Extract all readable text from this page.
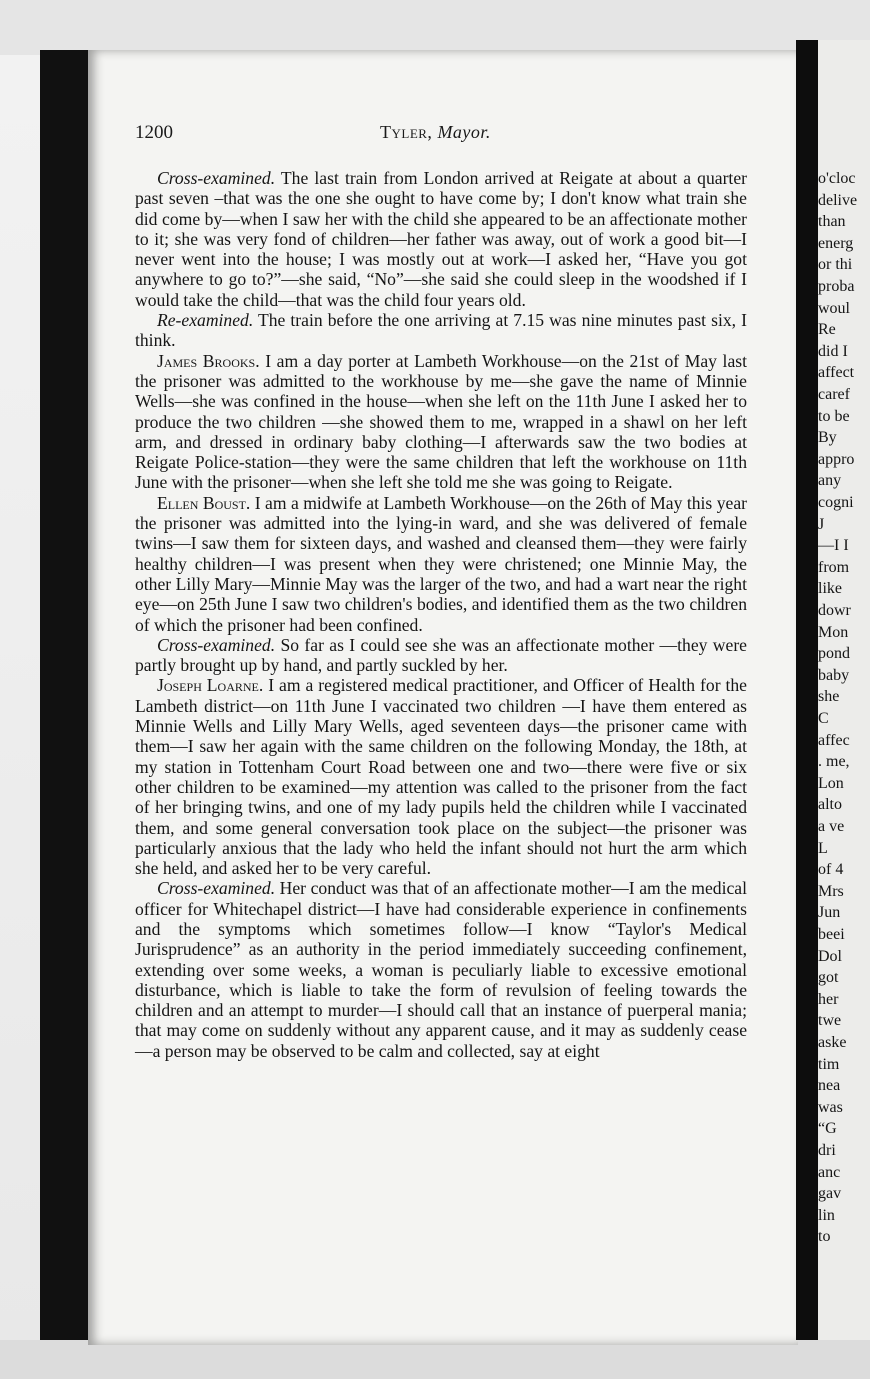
o'cloc
delive
than
energ
or thi
proba
woul
Re
did I
affect
caref
to be
By
appro
any
cogni
J
—I I
from
like
dowr
Mon
pond
baby
she
C
affec
. me,
Lon
alto
a ve
L
of 4
Mrs
Jun
beei
Dol
got
her
twe
aske
tim
nea
was
“G
dri
anc
gav
lin
to
1200	Tyler, Mayor.

Cross-examined. The last train from London arrived at Reigate at about a quarter past seven –that was the one she ought to have come by; I don't know what train she did come by—when I saw her with the child she appeared to be an affectionate mother to it; she was very fond of children—her father was away, out of work a good bit—I never went into the house; I was mostly out at work—I asked her, “Have you got anywhere to go to?”—she said, “No”—she said she could sleep in the woodshed if I would take the child—that was the child four years old.

Re-examined. The train before the one arriving at 7.15 was nine minutes past six, I think.

James Brooks. I am a day porter at Lambeth Workhouse—on the 21st of May last the prisoner was admitted to the workhouse by me—she gave the name of Minnie Wells—she was confined in the house—when she left on the 11th June I asked her to produce the two children —she showed them to me, wrapped in a shawl on her left arm, and dressed in ordinary baby clothing—I afterwards saw the two bodies at Reigate Police-station—they were the same children that left the workhouse on 11th June with the prisoner—when she left she told me she was going to Reigate.

Ellen Boust. I am a midwife at Lambeth Workhouse—on the 26th of May this year the prisoner was admitted into the lying-in ward, and she was delivered of female twins—I saw them for sixteen days, and washed and cleansed them—they were fairly healthy children—I was present when they were christened; one Minnie May, the other Lilly Mary—Minnie May was the larger of the two, and had a wart near the right eye—on 25th June I saw two children's bodies, and identified them as the two children of which the prisoner had been confined.

Cross-examined. So far as I could see she was an affectionate mother —they were partly brought up by hand, and partly suckled by her.

Joseph Loarne. I am a registered medical practitioner, and Officer of Health for the Lambeth district—on 11th June I vaccinated two children —I have them entered as Minnie Wells and Lilly Mary Wells, aged seventeen days—the prisoner came with them—I saw her again with the same children on the following Monday, the 18th, at my station in Tottenham Court Road between one and two—there were five or six other children to be examined—my attention was called to the prisoner from the fact of her bringing twins, and one of my lady pupils held the children while I vaccinated them, and some general conversation took place on the subject—the prisoner was particularly anxious that the lady who held the infant should not hurt the arm which she held, and asked her to be very careful.

Cross-examined. Her conduct was that of an affectionate mother—I am the medical officer for Whitechapel district—I have had considerable experience in confinements and the symptoms which sometimes follow—I know “Taylor's Medical Jurisprudence” as an authority in the period immediately succeeding confinement, extending over some weeks, a woman is peculiarly liable to excessive emotional disturbance, which is liable to take the form of revulsion of feeling towards the children and an attempt to murder—I should call that an instance of puerperal mania; that may come on suddenly without any apparent cause, and it may as suddenly cease—a person may be observed to be calm and collected, say at eight
